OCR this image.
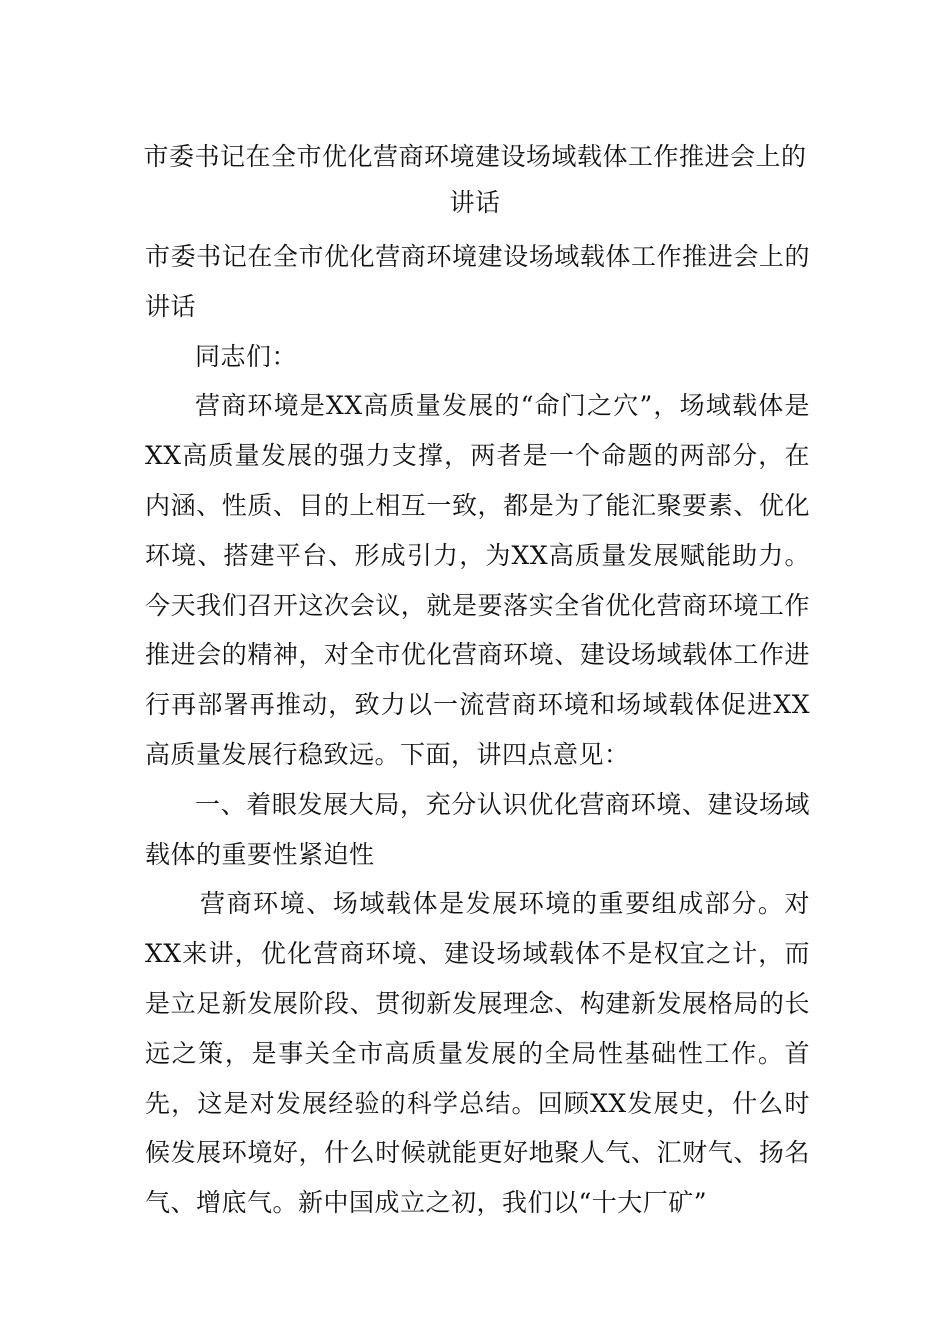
市委书记在全市优化营商环境建设场域载体工作推进会上的讲话

市委书记在全市优化营商环境建设场域载体工作推进会上的讲话

同志们：

营商环境是XX高质量发展的“命门之穴”，场域载体是XX高质量发展的强力支撑，两者是一个命题的两部分，在内涵、性质、目的上相互一致，都是为了能汇聚要素、优化环境、搭建平台、形成引力，为XX高质量发展赋能助力。今天我们召开这次会议，就是要落实全省优化营商环境工作推进会的精神，对全市优化营商环境、建设场域载体工作进行再部署再推动，致力以一流营商环境和场域载体促进XX高质量发展行稳致远。下面，讲四点意见：

一、着眼发展大局，充分认识优化营商环境、建设场域载体的重要性紧迫性

营商环境、场域载体是发展环境的重要组成部分。对XX来讲，优化营商环境、建设场域载体不是权宜之计，而是立足新发展阶段、贯彻新发展理念、构建新发展格局的长远之策，是事关全市高质量发展的全局性基础性工作。首先，这是对发展经验的科学总结。回顾XX发展史，什么时候发展环境好，什么时候就能更好地聚人气、汇财气、扬名气、增底气。新中国成立之初，我们以“十大厂矿”
